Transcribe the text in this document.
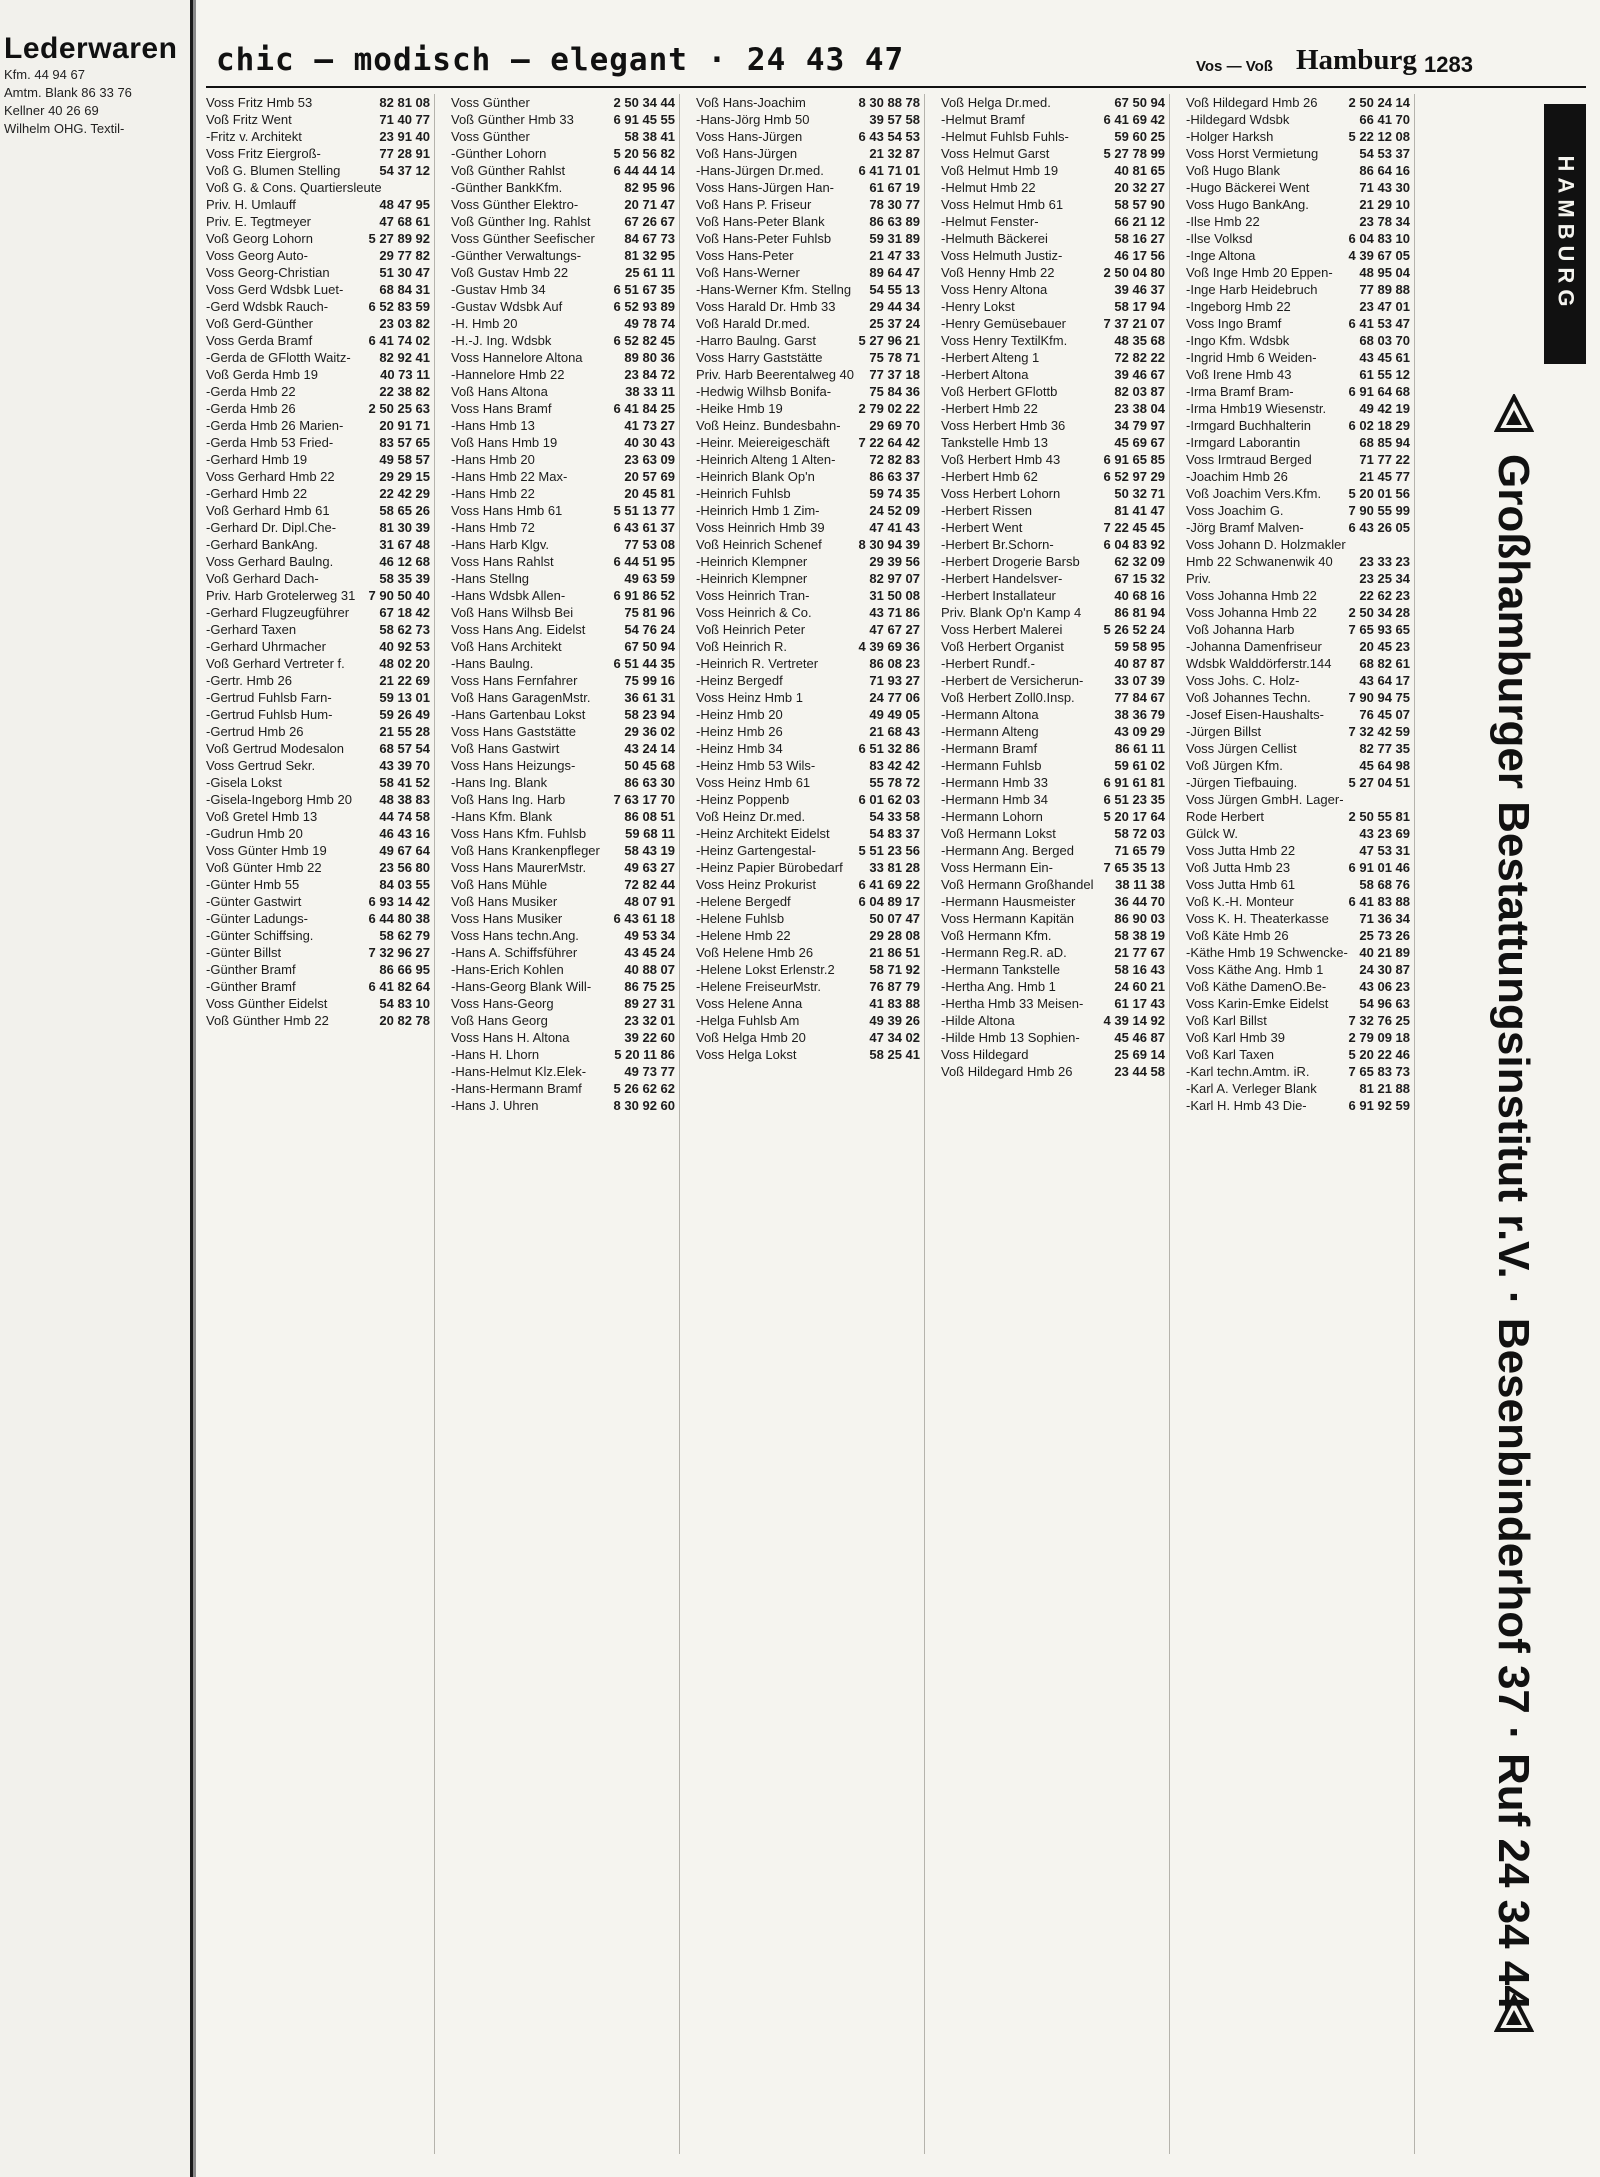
Lederwaren
Kfm. 44 94 67
Amtm. Blank 86 33 76
Kellner 40 26 69
Wilhelm OHG. Textil-
chic — modisch — elegant · 24 43 47	Vos — Voß Hamburg 1283
Voss Fritz Hmb 53	82 81 08
Voß Fritz Went	71 40 77
-Fritz v. Architekt	23 91 40
Voss Fritz Eiergroß-	77 28 91
Voß G. Blumen Stelling	54 37 12
Voß G. & Cons. Quartiersleute
Priv. H. Umlauff	48 47 95
Priv. E. Tegtmeyer	47 68 61
Voß Georg Lohorn	5 27 89 92
Voss Georg Auto-	29 77 82
Voss Georg-Christian	51 30 47
Voss Gerd Wdsbk Luet-	68 84 31
-Gerd Wdsbk Rauch-	6 52 83 59
Voß Gerd-Günther	23 03 82
Voss Gerda Bramf	6 41 74 02
-Gerda de GFlotth Waitz-	82 92 41
Voß Gerda Hmb 19	40 73 11
-Gerda Hmb 22	22 38 82
-Gerda Hmb 26	2 50 25 63
-Gerda Hmb 26 Marien-	20 91 71
-Gerda Hmb 53 Fried-	83 57 65
-Gerhard Hmb 19	49 58 57
Voss Gerhard Hmb 22	29 29 15
-Gerhard Hmb 22	22 42 29
Voß Gerhard Hmb 61	58 65 26
-Gerhard Dr. Dipl.Che-	81 30 39
-Gerhard BankAng.	31 67 48
Voss Gerhard Baulng.	46 12 68
Voß Gerhard Dach-	58 35 39
Priv. Harb Grotelerweg 31	7 90 50 40
-Gerhard Flugzeugführer	67 18 42
-Gerhard Taxen	58 62 73
-Gerhard Uhrmacher	40 92 53
Voß Gerhard Vertreter f.	48 02 20
-Gertr. Hmb 26	21 22 69
-Gertrud Fuhlsb Farn-	59 13 01
-Gertrud Fuhlsb Hum-	59 26 49
-Gertrud Hmb 26	21 55 28
Voß Gertrud Modesalon	68 57 54
Voss Gertrud Sekr.	43 39 70
-Gisela Lokst	58 41 52
-Gisela-Ingeborg Hmb 20	48 38 83
Voß Gretel Hmb 13	44 74 58
-Gudrun Hmb 20	46 43 16
Voss Günter Hmb 19	49 67 64
Voß Günter Hmb 22	23 56 80
-Günter Hmb 55	84 03 55
-Günter Gastwirt	6 93 14 42
-Günter Ladungs-	6 44 80 38
-Günter Schiffsing.	58 62 79
-Günter Billst	7 32 96 27
-Günther Bramf	86 66 95
-Günther Bramf	6 41 82 64
Voss Günther Eidelst	54 83 10
Voß Günther Hmb 22	20 82 78
Voss Günther	2 50 34 44
Voß Günther Hmb 33	6 91 45 55
Voss Günther	58 38 41
-Günther Lohorn	5 20 56 82
Voß Günther Rahlst	6 44 44 14
-Günther BankKfm.	82 95 96
Voss Günther Elektro-	20 71 47
Voß Günther Ing. Rahlst	67 26 67
Voss Günther Seefischer	84 67 73
-Günther Verwaltungs-	81 32 95
Voß Gustav Hmb 22	25 61 11
-Gustav Hmb 34	6 51 67 35
-Gustav Wdsbk Auf	6 52 93 89
-H. Hmb 20	49 78 74
-H.-J. Ing. Wdsbk	6 52 82 45
Voss Hannelore Altona	89 80 36
-Hannelore Hmb 22	23 84 72
Voß Hans Altona	38 33 11
Voss Hans Bramf	6 41 84 25
-Hans Hmb 13	41 73 27
Voß Hans Hmb 19	40 30 43
-Hans Hmb 20	23 63 09
-Hans Hmb 22 Max-	20 57 69
-Hans Hmb 22	20 45 81
Voss Hans Hmb 61	5 51 13 77
-Hans Hmb 72	6 43 61 37
-Hans Harb Klgv.	77 53 08
Voss Hans Rahlst	6 44 51 95
-Hans Stellng	49 63 59
-Hans Wdsbk Allen-	6 91 86 52
Voß Hans Wilhsb Bei	75 81 96
Voss Hans Ang. Eidelst	54 76 24
Voß Hans Architekt	67 50 94
-Hans Baulng.	6 51 44 35
Voss Hans Fernfahrer	75 99 16
Voß Hans GaragenMstr.	36 61 31
-Hans Gartenbau Lokst	58 23 94
Voss Hans Gaststätte	29 36 02
Voß Hans Gastwirt	43 24 14
Voss Hans Heizungs-	50 45 68
-Hans Ing. Blank	86 63 30
Voß Hans Ing. Harb	7 63 17 70
-Hans Kfm. Blank	86 08 51
Voss Hans Kfm. Fuhlsb	59 68 11
Voß Hans Krankenpfleger	58 43 19
Voss Hans MaurerMstr.	49 63 27
Voß Hans Mühle	72 82 44
Voß Hans Musiker	48 07 91
Voss Hans Musiker	6 43 61 18
Voss Hans techn.Ang.	49 53 34
-Hans A. Schiffsführer	43 45 24
-Hans-Erich Kohlen	40 88 07
-Hans-Georg Blank Will-	86 75 25
Voss Hans-Georg	89 27 31
Voß Hans Georg	23 32 01
Voss Hans H. Altona	39 22 60
-Hans H. Lhorn	5 20 11 86
-Hans-Helmut Klz.Elek-	49 73 77
-Hans-Hermann Bramf	5 26 62 62
-Hans J. Uhren	8 30 92 60
Voß Hans-Joachim	8 30 88 78
-Hans-Jörg Hmb 50	39 57 58
Voss Hans-Jürgen	6 43 54 53
Voß Hans-Jürgen	21 32 87
-Hans-Jürgen Dr.med.	6 41 71 01
Voss Hans-Jürgen Han-	61 67 19
Voß Hans P. Friseur	78 30 77
Voß Hans-Peter Blank	86 63 89
Voß Hans-Peter Fuhlsb	59 31 89
Voss Hans-Peter	21 47 33
Voß Hans-Werner	89 64 47
-Hans-Werner Kfm. Stellng	54 55 13
Voss Harald Dr. Hmb 33	29 44 34
Voß Harald Dr.med.	25 37 24
-Harro Baulng. Garst	5 27 96 21
Voss Harry Gaststätte	75 78 71
Priv. Harb Beerentalweg 40	77 37 18
-Hedwig Wilhsb Bonifa-	75 84 36
-Heike Hmb 19	2 79 02 22
Voß Heinz. Bundesbahn-	29 69 70
-Heinr. Meiereigeschäft	7 22 64 42
-Heinrich Alteng 1 Alten-	72 82 83
-Heinrich Blank Op'n	86 63 37
-Heinrich Fuhlsb	59 74 35
-Heinrich Hmb 1 Zim-	24 52 09
Voss Heinrich Hmb 39	47 41 43
Voß Heinrich Schenef	8 30 94 39
-Heinrich Klempner	29 39 56
-Heinrich Klempner	82 97 07
Voss Heinrich Tran-	31 50 08
Voss Heinrich & Co.	43 71 86
Voß Heinrich Peter	47 67 27
Voß Heinrich R.	4 39 69 36
-Heinrich R. Vertreter	86 08 23
-Heinz Bergedf	71 93 27
Voss Heinz Hmb 1	24 77 06
-Heinz Hmb 20	49 49 05
-Heinz Hmb 26	21 68 43
-Heinz Hmb 34	6 51 32 86
-Heinz Hmb 53 Wils-	83 42 42
Voss Heinz Hmb 61	55 78 72
-Heinz Poppenb	6 01 62 03
Voß Heinz Dr.med.	54 33 58
-Heinz Architekt Eidelst	54 83 37
-Heinz Gartengestal-	5 51 23 56
-Heinz Papier Bürobedarf	33 81 28
Voss Heinz Prokurist	6 41 69 22
-Helene Bergedf	6 04 89 17
-Helene Fuhlsb	50 07 47
-Helene Hmb 22	29 28 08
Voß Helene Hmb 26	21 86 51
-Helene Lokst Erlenstr.2	58 71 92
-Helene FreiseurMstr.	76 87 79
Voss Helene Anna	41 83 88
-Helga Fuhlsb Am	49 39 26
Voß Helga Hmb 20	47 34 02
Voss Helga Lokst	58 25 41
Voß Helga Dr.med.	67 50 94
-Helmut Bramf	6 41 69 42
-Helmut Fuhlsb Fuhls-	59 60 25
Voss Helmut Garst	5 27 78 99
Voß Helmut Hmb 19	40 81 65
-Helmut Hmb 22	20 32 27
Voss Helmut Hmb 61	58 57 90
-Helmut Fenster-	66 21 12
-Helmuth Bäckerei	58 16 27
Voss Helmuth Justiz-	46 17 56
Voß Henny Hmb 22	2 50 04 80
Voss Henry Altona	39 46 37
-Henry Lokst	58 17 94
-Henry Gemüsebauer	7 37 21 07
Voss Henry TextilKfm.	48 35 68
-Herbert Alteng 1	72 82 22
-Herbert Altona	39 46 67
Voß Herbert GFlottb	82 03 87
-Herbert Hmb 22	23 38 04
Voss Herbert Hmb 36	34 79 97
Tankstelle Hmb 13	45 69 67
Voß Herbert Hmb 43	6 91 65 85
-Herbert Hmb 62	6 52 97 29
Voss Herbert Lohorn	50 32 71
-Herbert Rissen	81 41 47
-Herbert Went	7 22 45 45
-Herbert Br.Schorn-	6 04 83 92
-Herbert Drogerie Barsb	62 32 09
-Herbert Handelsver-	67 15 32
-Herbert Installateur	40 68 16
Priv. Blank Op'n Kamp 4	86 81 94
Voss Herbert Malerei	5 26 52 24
Voß Herbert Organist	59 58 95
-Herbert Rundf.-	40 87 87
-Herbert de Versicherun-	33 07 39
Voß Herbert Zoll0.Insp.	77 84 67
-Hermann Altona	38 36 79
-Hermann Alteng	43 09 29
-Hermann Bramf	86 61 11
-Hermann Fuhlsb	59 61 02
-Hermann Hmb 33	6 91 61 81
-Hermann Hmb 34	6 51 23 35
-Hermann Lohorn	5 20 17 64
Voß Hermann Lokst	58 72 03
-Hermann Ang. Berged	71 65 79
Voss Hermann Ein-	7 65 35 13
Voß Hermann Großhandel	38 11 38
-Hermann Hausmeister	36 44 70
Voss Hermann Kapitän	86 90 03
Voß Hermann Kfm.	58 38 19
-Hermann Reg.R. aD.	21 77 67
-Hermann Tankstelle	58 16 43
-Hertha Ang. Hmb 1	24 60 21
-Hertha Hmb 33 Meisen-	61 17 43
-Hilde Altona	4 39 14 92
-Hilde Hmb 13 Sophien-	45 46 87
Voss Hildegard	25 69 14
Voß Hildegard Hmb 26	23 44 58
Voß Hildegard Hmb 26	2 50 24 14
-Hildegard Wdsbk	66 41 70
-Holger Harksh	5 22 12 08
Voss Horst Vermietung	54 53 37
Voß Hugo Blank	86 64 16
-Hugo Bäckerei Went	71 43 30
Voss Hugo BankAng.	21 29 10
-Ilse Hmb 22	23 78 34
-Ilse Volksd	6 04 83 10
-Inge Altona	4 39 67 05
Voß Inge Hmb 20 Eppen-	48 95 04
-Inge Harb Heidebruch	77 89 88
-Ingeborg Hmb 22	23 47 01
Voss Ingo Bramf	6 41 53 47
-Ingo Kfm. Wdsbk	68 03 70
-Ingrid Hmb 6 Weiden-	43 45 61
Voß Irene Hmb 43	61 55 12
-Irma Bramf Bram-	6 91 64 68
-Irma Hmb19 Wiesenstr.	49 42 19
-Irmgard Buchhalterin	6 02 18 29
-Irmgard Laborantin	68 85 94
Voss Irmtraud Berged	71 77 22
-Joachim Hmb 26	21 45 77
Voß Joachim Vers.Kfm.	5 20 01 56
Voss Joachim G.	7 90 55 99
-Jörg Bramf Malven-	6 43 26 05
Voss Johann D. Holzmakler
Hmb 22 Schwanenwik 40	23 33 23
Priv.	23 25 34
Voss Johanna Hmb 22	22 62 23
Voss Johanna Hmb 22	2 50 34 28
Voß Johanna Harb	7 65 93 65
-Johanna Damenfriseur	20 45 23
Wdsbk Walddörferstr.144	68 82 61
Voss Johs. C. Holz-	43 64 17
Voß Johannes Techn.	7 90 94 75
-Josef Eisen-Haushalts-	76 45 07
-Jürgen Billst	7 32 42 59
Voss Jürgen Cellist	82 77 35
Voß Jürgen Kfm.	45 64 98
-Jürgen Tiefbauing.	5 27 04 51
Voss Jürgen GmbH. Lager-
Rode Herbert	2 50 55 81
Gülck W.	43 23 69
Voss Jutta Hmb 22	47 53 31
Voß Jutta Hmb 23	6 91 01 46
Voss Jutta Hmb 61	58 68 76
Voß K.-H. Monteur	6 41 83 88
Voss K. H. Theaterkasse	71 36 34
Voß Käte Hmb 26	25 73 26
-Käthe Hmb 19 Schwencke- 40 21 89
Voss Käthe Ang. Hmb 1	24 30 87
Voß Käthe DamenO.Be-	43 06 23
Voss Karin-Emke Eidelst	54 96 63
Voß Karl Billst	7 32 76 25
Voß Karl Hmb 39	2 79 09 18
Voß Karl Taxen	5 20 22 46
-Karl techn.Amtm. iR.	7 65 83 73
-Karl A. Verleger Blank	81 21 88
-Karl H. Hmb 43 Die-	6 91 92 59
HAMBURG
Großhamburger Bestattungsinstitut r.V. · Besenbinderhof 37 · Ruf 24 34 44
